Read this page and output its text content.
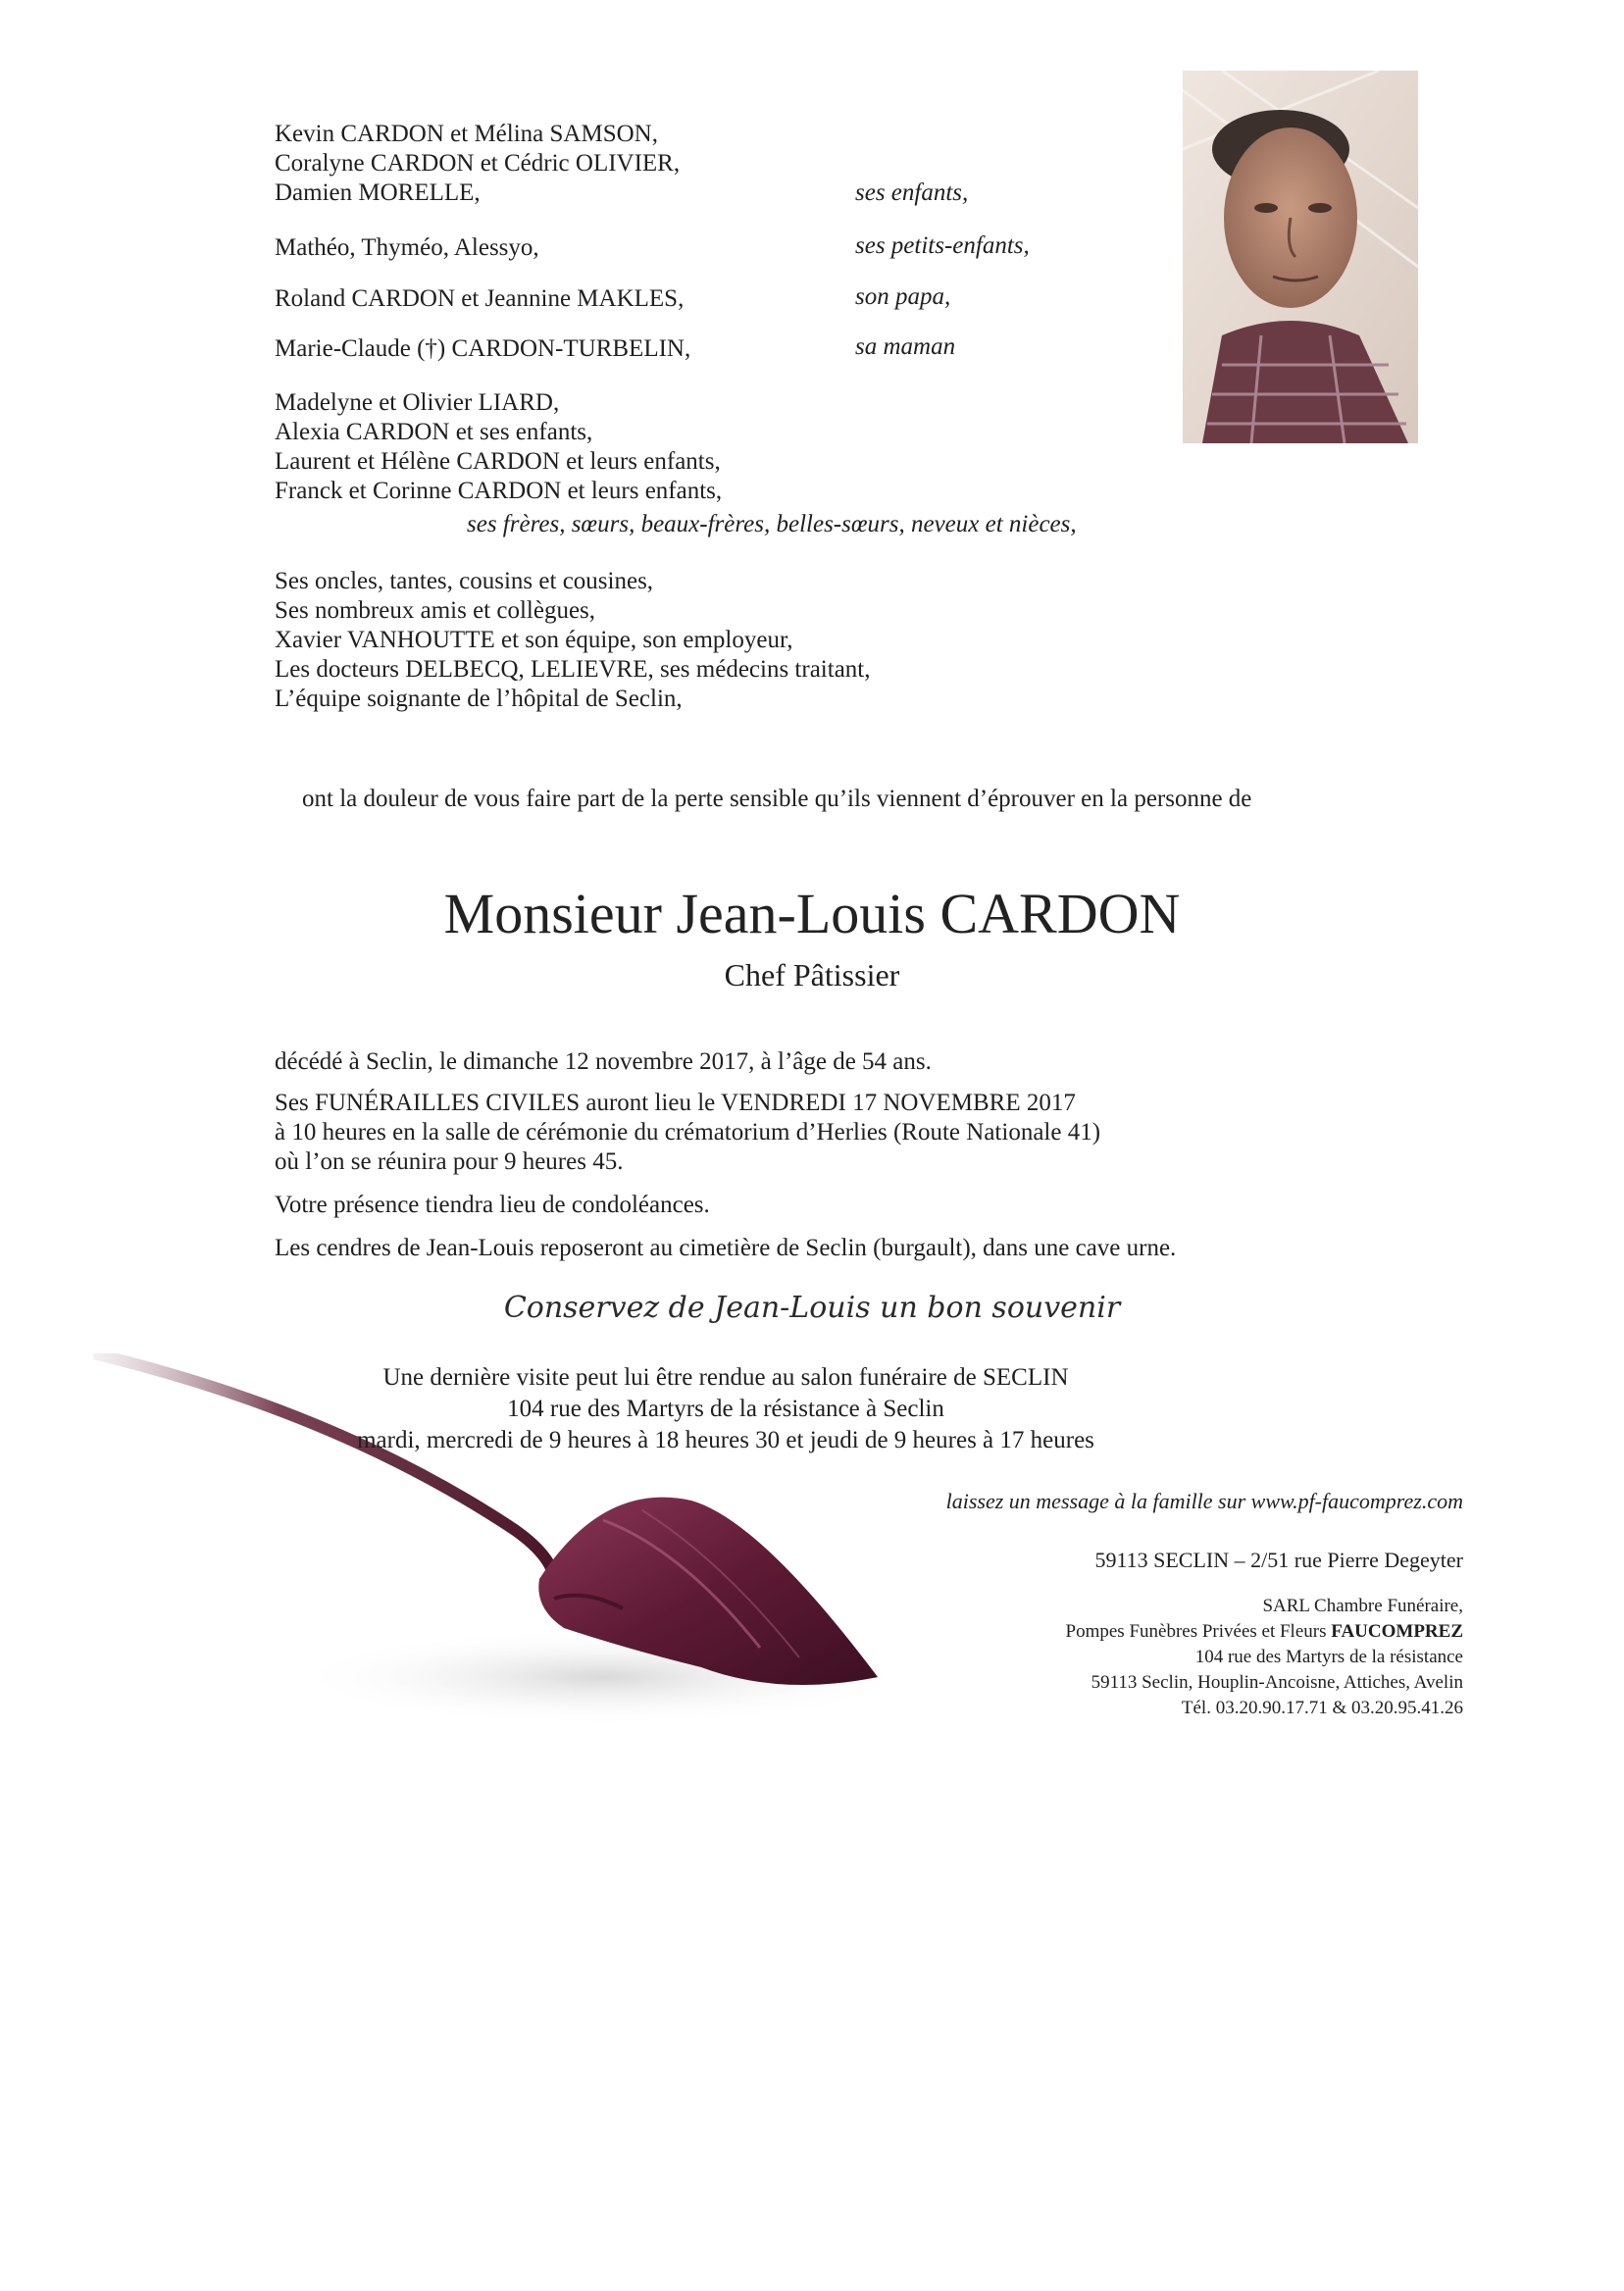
Kevin CARDON et Mélina SAMSON,
Coralyne CARDON et Cédric OLIVIER,
Damien MORELLE,	ses enfants,
Mathéo, Thyméo, Alessyo,	ses petits-enfants,
Roland CARDON et Jeannine MAKLES,	son papa,
Marie-Claude (†) CARDON-TURBELIN,	sa maman
Madelyne et Olivier LIARD,
Alexia CARDON et ses enfants,
Laurent et Hélène CARDON et leurs enfants,
Franck et Corinne CARDON et leurs enfants,
ses frères, sœurs, beaux-frères, belles-sœurs, neveux et nièces,
Ses oncles, tantes, cousins et cousines,
Ses nombreux amis et collègues,
Xavier VANHOUTTE et son équipe, son employeur,
Les docteurs DELBECQ, LELIEVRE, ses médecins traitant,
L’équipe soignante de l’hôpital de Seclin,
ont la douleur de vous faire part de la perte sensible qu’ils viennent d’éprouver en la personne de
Monsieur Jean-Louis CARDON
Chef Pâtissier
décédé à Seclin, le dimanche 12 novembre 2017, à l’âge de 54 ans.
Ses FUNÉRAILLES CIVILES auront lieu le VENDREDI 17 NOVEMBRE 2017
à 10 heures en la salle de cérémonie du crématorium d’Herlies (Route Nationale 41)
où l’on se réunira pour 9 heures 45.
Votre présence tiendra lieu de condoléances.
Les cendres de Jean-Louis reposeront au cimetière de Seclin (burgault), dans une cave urne.
Conservez de Jean-Louis un bon souvenir
Une dernière visite peut lui être rendue au salon funéraire de SECLIN
104 rue des Martyrs de la résistance à Seclin
mardi, mercredi de 9 heures à 18 heures 30 et jeudi de 9 heures à 17 heures
laissez un message à la famille sur www.pf-faucomprez.com
59113 SECLIN – 2/51 rue Pierre Degeyter
SARL Chambre Funéraire,
Pompes Funèbres Privées et Fleurs FAUCOMPREZ
104 rue des Martyrs de la résistance
59113 Seclin, Houplin-Ancoisne, Attiches, Avelin
Tél. 03.20.90.17.71 & 03.20.95.41.26
